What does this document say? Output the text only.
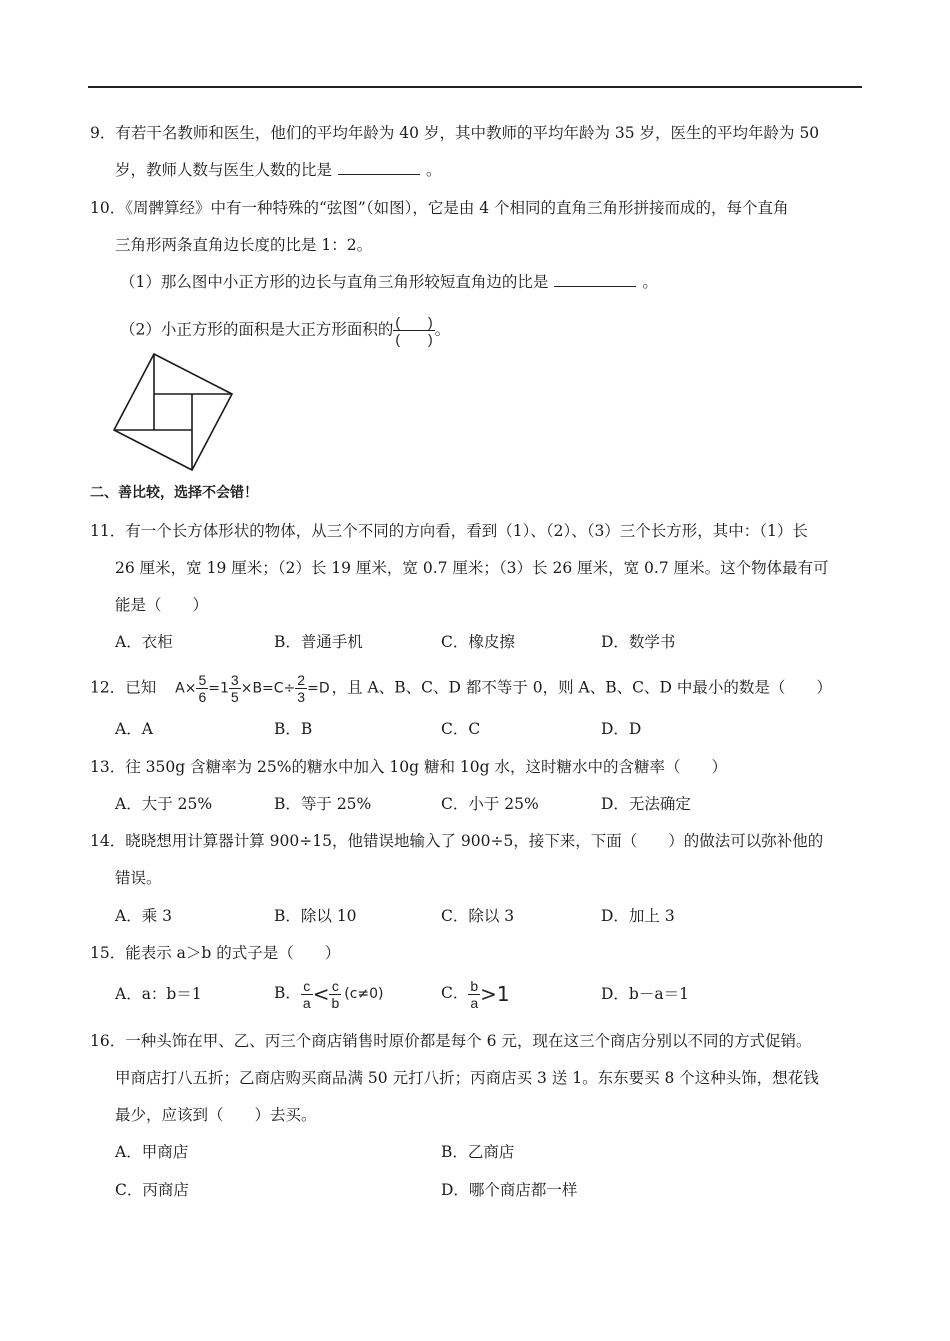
9．有若干名教师和医生，他们的平均年龄为 40 岁，其中教师的平均年龄为 35 岁，医生的平均年龄为 50
岁，教师人数与医生人数的比是	。
10．《周髀算经》中有一种特殊的“弦图”（如图），它是由 4 个相同的直角三角形拼接而成的，每个直角
三角形两条直角边长度的比是 1：2。
（1）那么图中小正方形的边长与直角三角形较短直角边的比是	。
（2）小正方形的面积是大正方形面积的 $\frac{( )}{( )}$ 。
二、善比较，选择不会错！
11．有一个长方体形状的物体，从三个不同的方向看，看到（1）、（2）、（3）三个长方形，其中：（1）长
26 厘米，宽 19 厘米；（2）长 19 厘米，宽 0.7 厘米；（3）长 26 厘米，宽 0.7 厘米。这个物体最有可
能是（　　）
A．衣柜	B．普通手机	C．橡皮擦	D．数学书
12．已知 $A\times \frac{5}{6} =1 \frac{3}{5} \times B=C\div \frac{2}{3} =D$ ，且 A、B、C、D 都不等于 0，则 A、B、C、D 中最小的数是（　　）
A．A	B．B	C．C	D．D
13．往 350g 含糖率为 25%的糖水中加入 10g 糖和 10g 水，这时糖水中的含糖率（　　）
A．大于 25%	B．等于 25%	C．小于 25%	D．无法确定
14．晓晓想用计算器计算 900÷15，他错误地输入了 900÷5，接下来，下面（　　）的做法可以弥补他的
错误。
A．乘 3	B．除以 10	C．除以 3	D．加上 3
15．能表示 a＞b 的式子是（　　）
A．a：b＝1	B． $\frac{c}{a} < \frac{c}{b} (c\ne 0)$	C． $\frac{b}{a} >1$	D．b－a＝1
16．一种头饰在甲、乙、丙三个商店销售时原价都是每个 6 元，现在这三个商店分别以不同的方式促销。
甲商店打八五折；乙商店购买商品满 50 元打八折；丙商店买 3 送 1。东东要买 8 个这种头饰，想花钱
最少，应该到（　　）去买。
A．甲商店	B．乙商店
C．丙商店	D．哪个商店都一样
